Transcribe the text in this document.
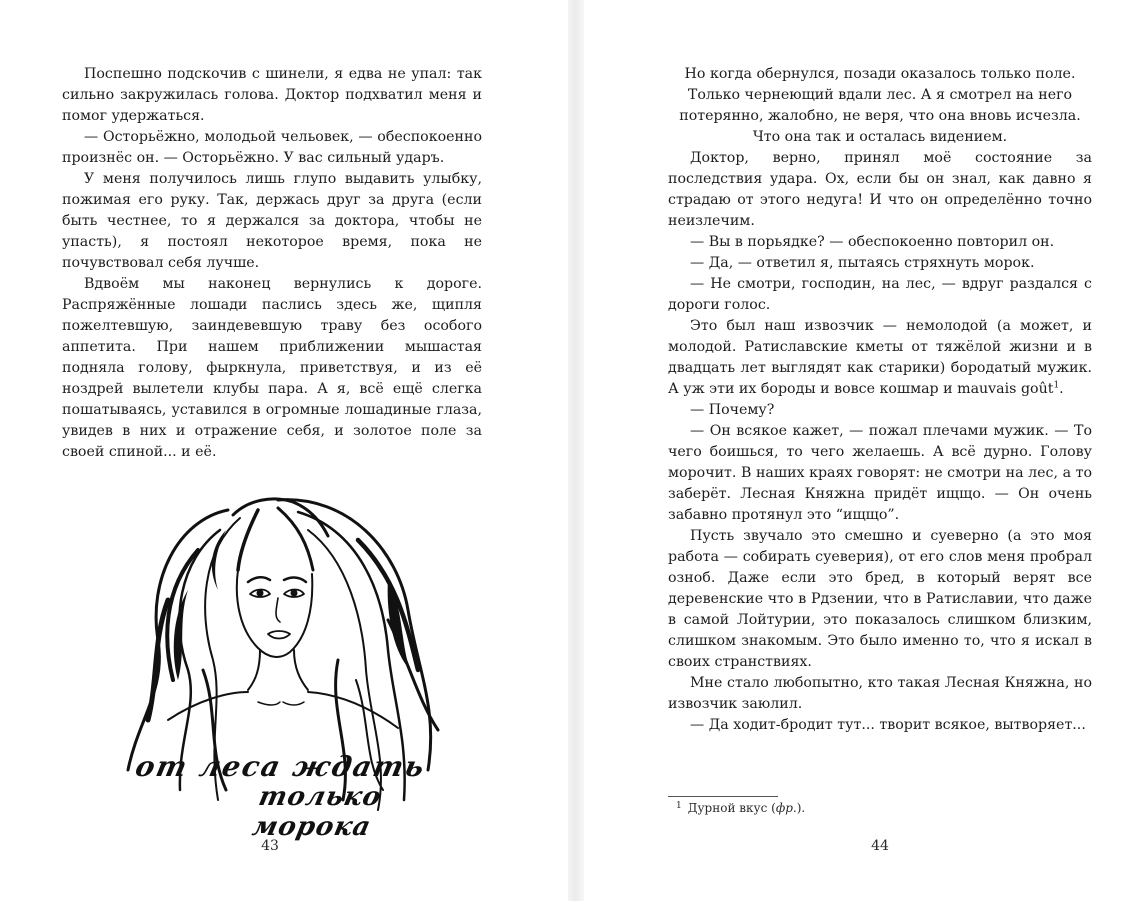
Поспешно подскочив с шинели, я едва не упал: так сильно закружилась голова. Доктор подхватил меня и помог удержаться.

— Осторьёжно, молодьой чельовек, — обеспокоенно произнёс он. — Осторьёжно. У вас сильный ударъ.

У меня получилось лишь глупо выдавить улыбку, пожимая его руку. Так, держась друг за друга (если быть честнее, то я держался за доктора, чтобы не упасть), я постоял некоторое время, пока не почувствовал себя лучше.

Вдвоём мы наконец вернулись к дороге. Распряжённые лошади паслись здесь же, щипля пожелтевшую, заиндевевшую траву без особого аппетита. При нашем приближении мышастая подняла голову, фыркнула, приветствуя, и из её ноздрей вылетели клубы пара. А я, всё ещё слегка пошатываясь, уставился в огромные лошадиные глаза, увидев в них и отражение себя, и золотое поле за своей спиной... и её.

от леса ждать
только морока
43

Но когда обернулся, позади оказалось только поле.

Только чернеющий вдали лес. А я смотрел на него потерянно, жалобно, не веря, что она вновь исчезла.

Что она так и осталась видением.

Доктор, верно, принял моё состояние за последствия удара. Ох, если бы он знал, как давно я страдаю от этого недуга! И что он определённо точно неизлечим.

— Вы в порьядке? — обеспокоенно повторил он.

— Да, — ответил я, пытаясь стряхнуть морок.

— Не смотри, господин, на лес, — вдруг раздался с дороги голос.

Это был наш извозчик — немолодой (а может, и молодой. Ратиславские кметы от тяжёлой жизни и в двадцать лет выглядят как старики) бородатый мужик. А уж эти их бороды и вовсе кошмар и mauvais goût$^1$.

— Почему?

— Он всякое кажет, — пожал плечами мужик. — То чего боишься, то чего желаешь. А всё дурно. Голову морочит. В наших краях говорят: не смотри на лес, а то заберёт. Лесная Княжна придёт ищщо. — Он очень забавно протянул это “ищщо”.

Пусть звучало это смешно и суеверно (а это моя работа — собирать суеверия), от его слов меня пробрал озноб. Даже если это бред, в который верят все деревенские что в Рдзении, что в Ратиславии, что даже в самой Лойтурии, это показалось слишком близким, слишком знакомым. Это было именно то, что я искал в своих странствиях.

Мне стало любопытно, кто такая Лесная Княжна, но извозчик заюлил.

— Да ходит-бродит тут... творит всякое, вытворяет...

$^1$ Дурной вкус (фр.).
44
